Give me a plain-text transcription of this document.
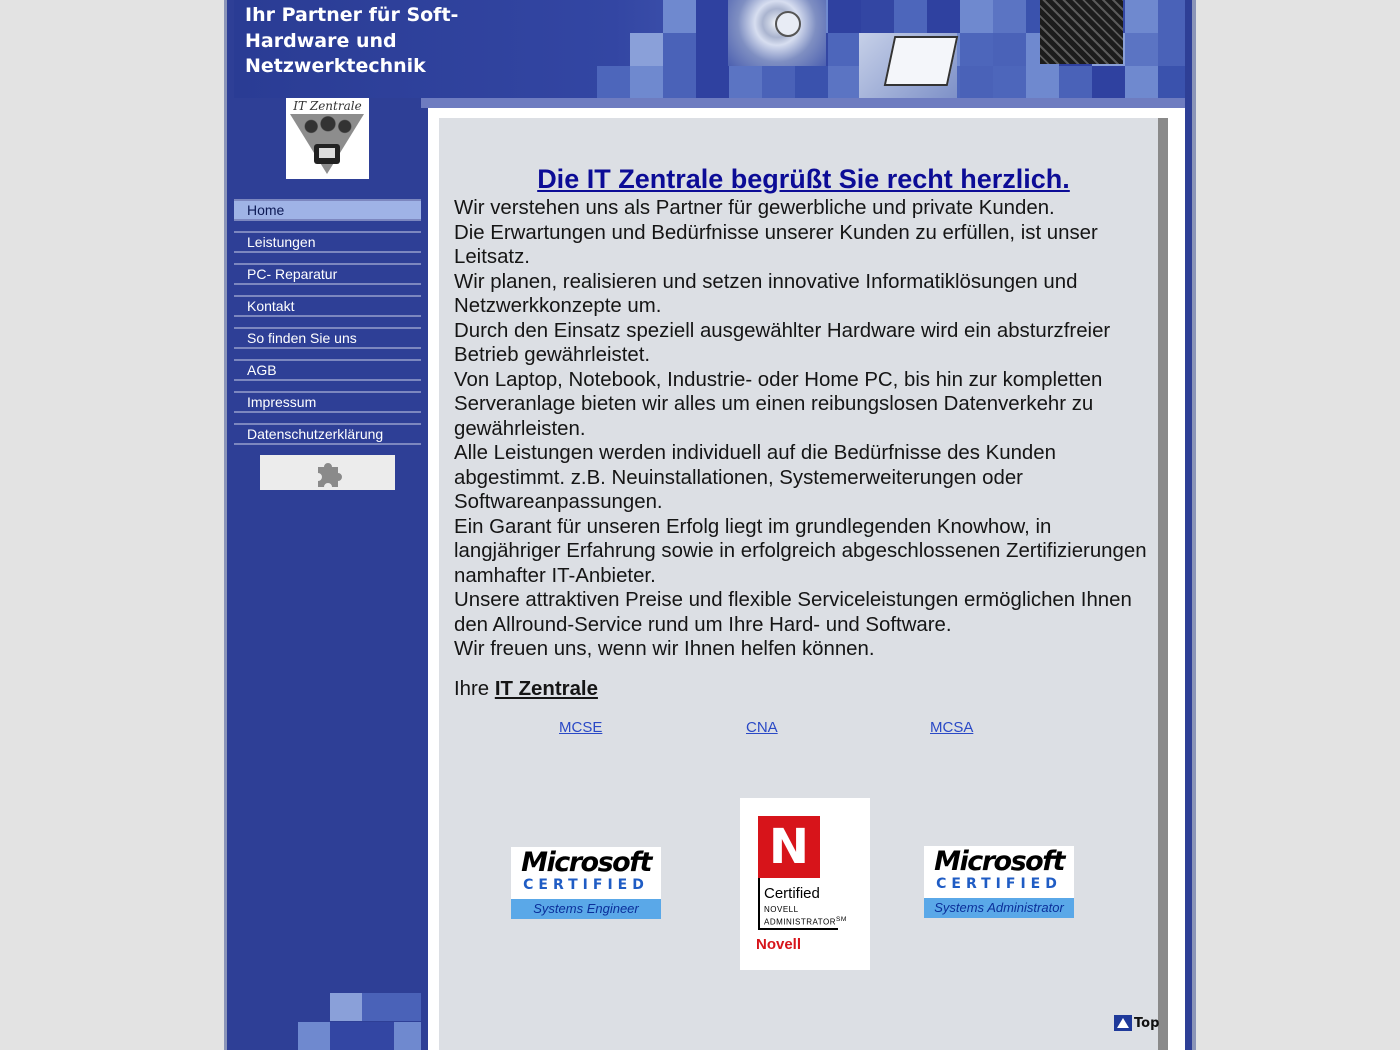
Ihr Partner für Soft-
Hardware und
Netzwerktechnik

IT Zentrale
Home
Leistungen
PC- Reparatur
Kontakt
So finden Sie uns
AGB
Impressum
Datenschutzerklärung
Die IT Zentrale begrüßt Sie recht herzlich.

Wir verstehen uns als Partner für gewerbliche und private Kunden.

Die Erwartungen und Bedürfnisse unserer Kunden zu erfüllen, ist unser Leitsatz.

Wir planen, realisieren und setzen innovative Informatiklösungen und Netzwerkkonzepte um.

Durch den Einsatz speziell ausgewählter Hardware wird ein absturzfreier Betrieb gewährleistet.

Von Laptop, Notebook, Industrie- oder Home PC, bis hin zur kompletten Serveranlage bieten wir alles um einen reibungslosen Datenverkehr zu gewährleisten.

Alle Leistungen werden individuell auf die Bedürfnisse des Kunden abgestimmt. z.B. Neuinstallationen, Systemerweiterungen oder Softwareanpassungen.

Ein Garant für unseren Erfolg liegt im grundlegenden Knowhow, in langjähriger Erfahrung sowie in erfolgreich abgeschlossenen Zertifizierungen namhafter IT-Anbieter.

Unsere attraktiven Preise und flexible Serviceleistungen ermöglichen Ihnen den Allround-Service rund um Ihre Hard- und Software.

Wir freuen uns, wenn wir Ihnen helfen können.

Ihre IT Zentrale

MCSE	CNA	MCSA
Microsoft
CERTIFIED
Systems Engineer
N
Certified
NOVELL
ADMINISTRATOR℠
Novell
Microsoft
CERTIFIED
Systems Administrator
Top
